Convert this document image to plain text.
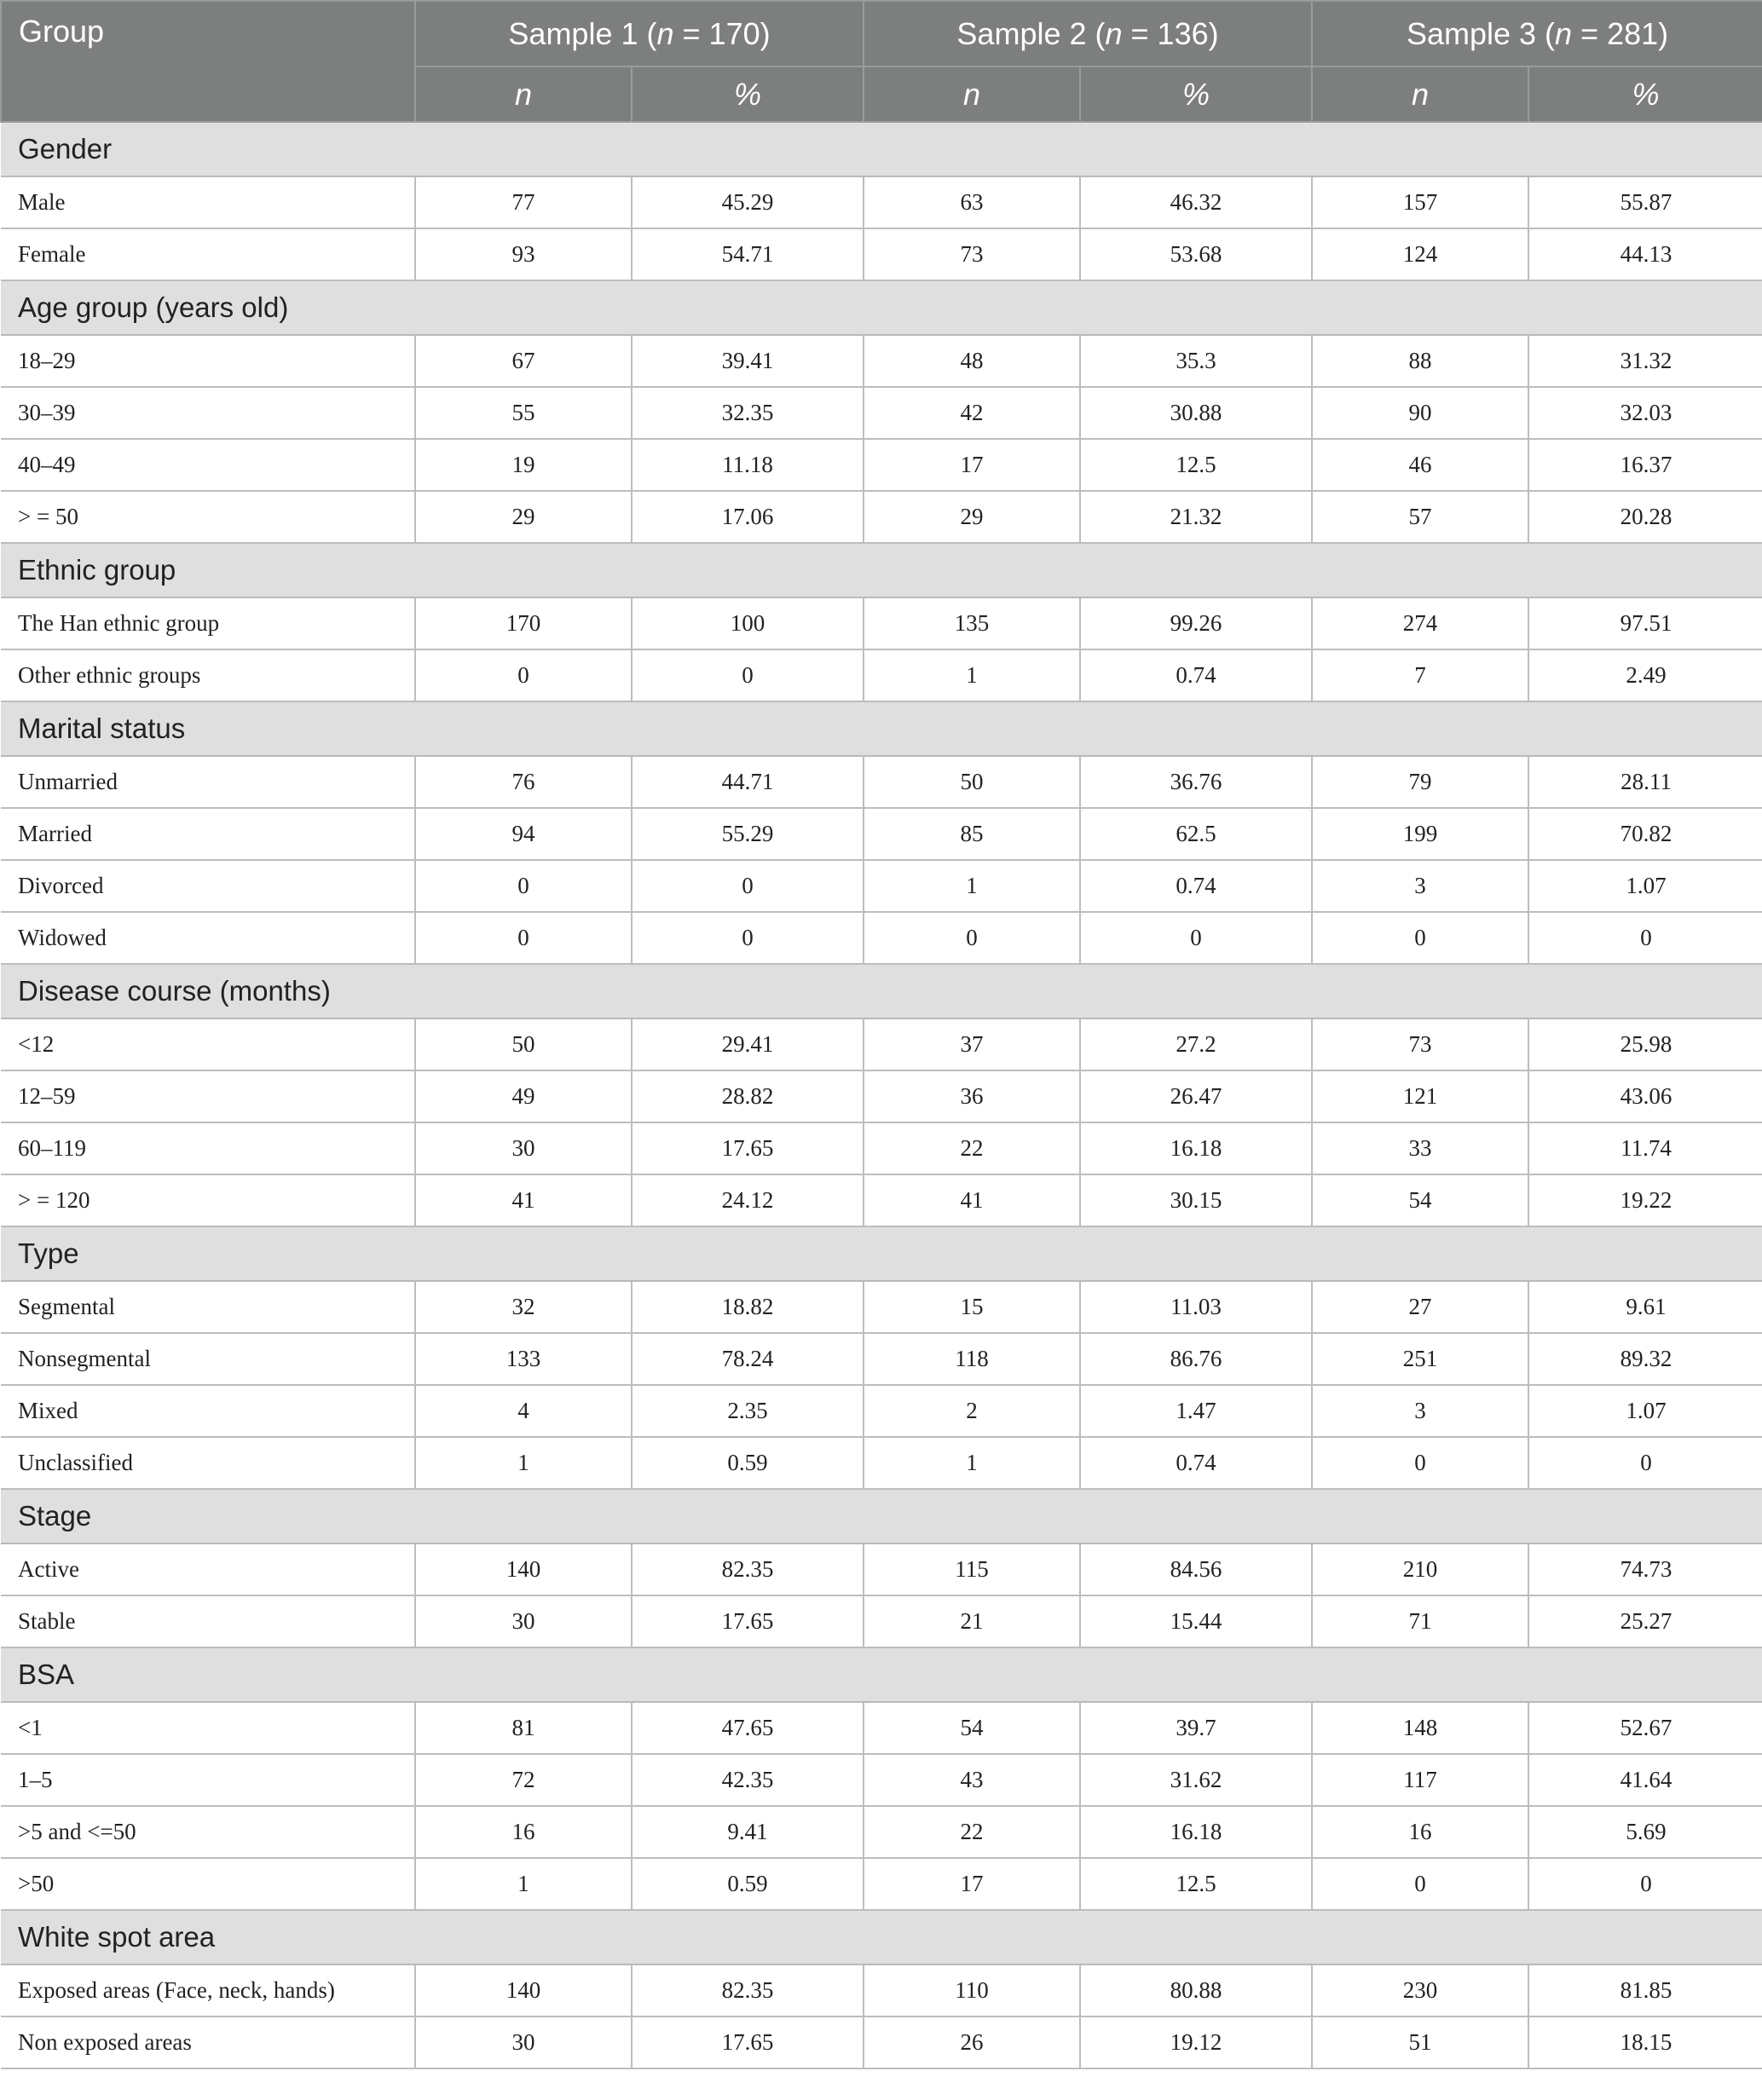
Group	Sample 1 (n = 170)		Sample 2 (n = 136)		Sample 3 (n = 281)	
	n	%	n	%	n	%
Gender						
Male	77	45.29	63	46.32	157	55.87
Female	93	54.71	73	53.68	124	44.13
Age group (years old)						
18–29	67	39.41	48	35.3	88	31.32
30–39	55	32.35	42	30.88	90	32.03
40–49	19	11.18	17	12.5	46	16.37
> = 50	29	17.06	29	21.32	57	20.28
Ethnic group						
The Han ethnic group	170	100	135	99.26	274	97.51
Other ethnic groups	0	0	1	0.74	7	2.49
Marital status						
Unmarried	76	44.71	50	36.76	79	28.11
Married	94	55.29	85	62.5	199	70.82
Divorced	0	0	1	0.74	3	1.07
Widowed	0	0	0	0	0	0
Disease course (months)						
<12	50	29.41	37	27.2	73	25.98
12–59	49	28.82	36	26.47	121	43.06
60–119	30	17.65	22	16.18	33	11.74
> = 120	41	24.12	41	30.15	54	19.22
Type						
Segmental	32	18.82	15	11.03	27	9.61
Nonsegmental	133	78.24	118	86.76	251	89.32
Mixed	4	2.35	2	1.47	3	1.07
Unclassified	1	0.59	1	0.74	0	0
Stage						
Active	140	82.35	115	84.56	210	74.73
Stable	30	17.65	21	15.44	71	25.27
BSA						
<1	81	47.65	54	39.7	148	52.67
1–5	72	42.35	43	31.62	117	41.64
>5 and <=50	16	9.41	22	16.18	16	5.69
>50	1	0.59	17	12.5	0	0
White spot area						
Exposed areas (Face, neck, hands)	140	82.35	110	80.88	230	81.85
Non exposed areas	30	17.65	26	19.12	51	18.15
